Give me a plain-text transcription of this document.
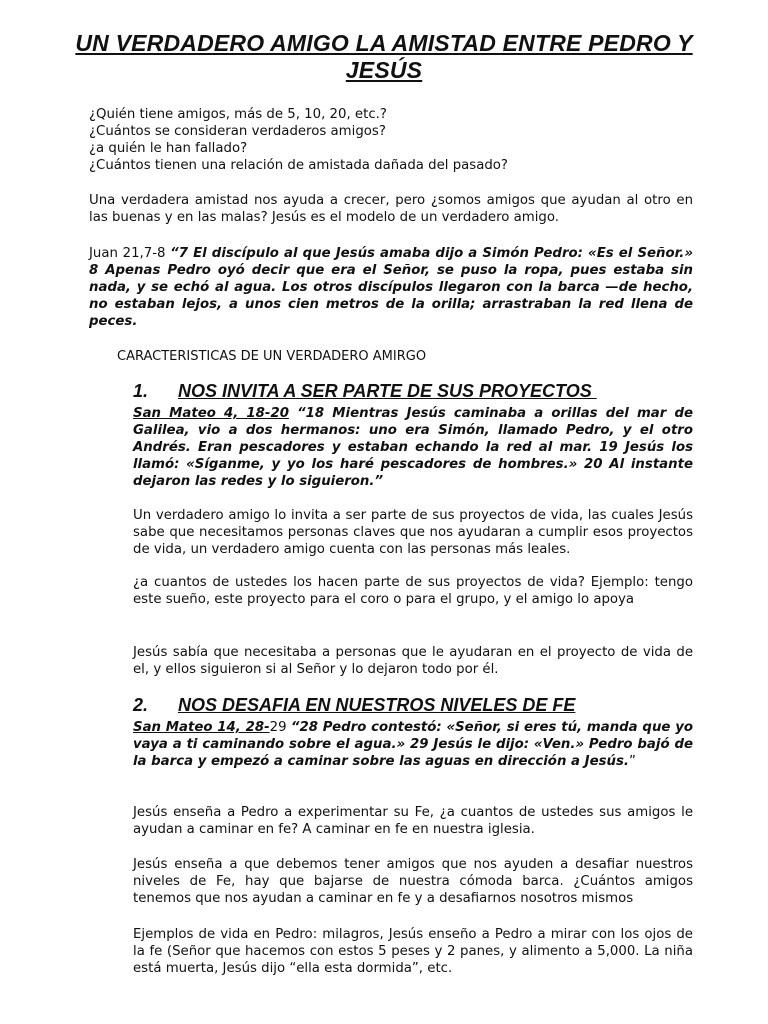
UN VERDADERO AMIGO LA AMISTAD ENTRE PEDRO Y JESÚS

¿Quién tiene amigos, más de 5, 10, 20, etc.?

¿Cuántos se consideran verdaderos amigos?

¿a quién le han fallado?

¿Cuántos tienen una relación de amistada dañada del pasado?

Una verdadera amistad nos ayuda a crecer, pero ¿somos amigos que ayudan al otro en las buenas y en las malas? Jesús es el modelo de un verdadero amigo.
Juan 21,7-8 “7 El discípulo al que Jesús amaba dijo a Simón Pedro: «Es el Señor.» 8 Apenas Pedro oyó decir que era el Señor, se puso la ropa, pues estaba sin nada, y se echó al agua. Los otros discípulos llegaron con la barca —de hecho, no estaban lejos, a unos cien metros de la orilla; arrastraban la red llena de peces.
CARACTERISTICAS DE UN VERDADERO AMIRGO
1. NOS INVITA A SER PARTE DE SUS PROYECTOS
San Mateo 4, 18-20 “18 Mientras Jesús caminaba a orillas del mar de Galilea, vio a dos hermanos: uno era Simón, llamado Pedro, y el otro Andrés. Eran pescadores y estaban echando la red al mar. 19 Jesús los llamó: «Síganme, y yo los haré pescadores de hombres.» 20 Al instante dejaron las redes y lo siguieron.”
Un verdadero amigo lo invita a ser parte de sus proyectos de vida, las cuales Jesús sabe que necesitamos personas claves que nos ayudaran a cumplir esos proyectos de vida, un verdadero amigo cuenta con las personas más leales.
¿a cuantos de ustedes los hacen parte de sus proyectos de vida? Ejemplo: tengo este sueño, este proyecto para el coro o para el grupo, y el amigo lo apoya
Jesús sabía que necesitaba a personas que le ayudaran en el proyecto de vida de el, y ellos siguieron si al Señor y lo dejaron todo por él.
2. NOS DESAFIA EN NUESTROS NIVELES DE FE
San Mateo 14, 28-29 “28 Pedro contestó: «Señor, si eres tú, manda que yo vaya a ti caminando sobre el agua.» 29 Jesús le dijo: «Ven.» Pedro bajó de la barca y empezó a caminar sobre las aguas en dirección a Jesús.”
Jesús enseña a Pedro a experimentar su Fe, ¿a cuantos de ustedes sus amigos le ayudan a caminar en fe? A caminar en fe en nuestra iglesia.
Jesús enseña a que debemos tener amigos que nos ayuden a desafiar nuestros niveles de Fe, hay que bajarse de nuestra cómoda barca. ¿Cuántos amigos tenemos que nos ayudan a caminar en fe y a desafiarnos nosotros mismos
Ejemplos de vida en Pedro: milagros, Jesús enseño a Pedro a mirar con los ojos de la fe (Señor que hacemos con estos 5 peses y 2 panes, y alimento a 5,000. La niña está muerta, Jesús dijo “ella esta dormida”, etc.
